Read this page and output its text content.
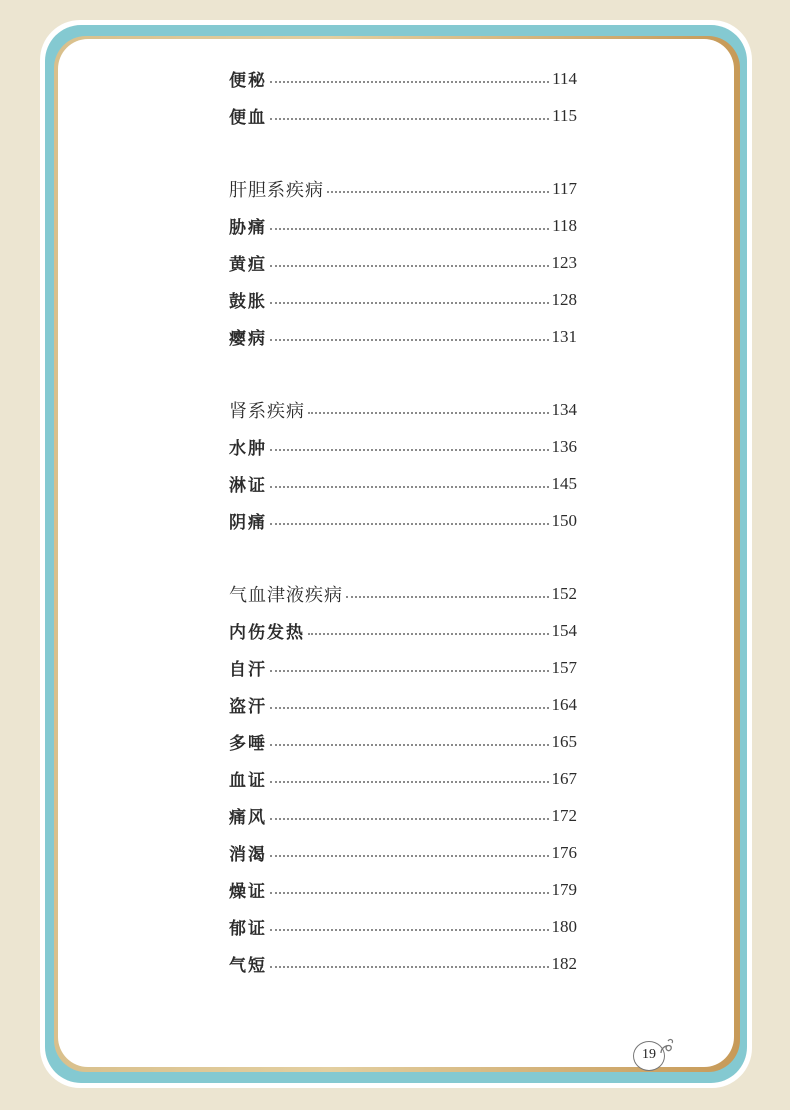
便秘	114
便血	115
肝胆系疾病	117
胁痛	118
黄疸	123
鼓胀	128
瘿病	131
肾系疾病	134
水肿	136
淋证	145
阴痛	150
气血津液疾病	152
内伤发热	154
自汗	157
盗汗	164
多唾	165
血证	167
痛风	172
消渴	176
燥证	179
郁证	180
气短	182
19
